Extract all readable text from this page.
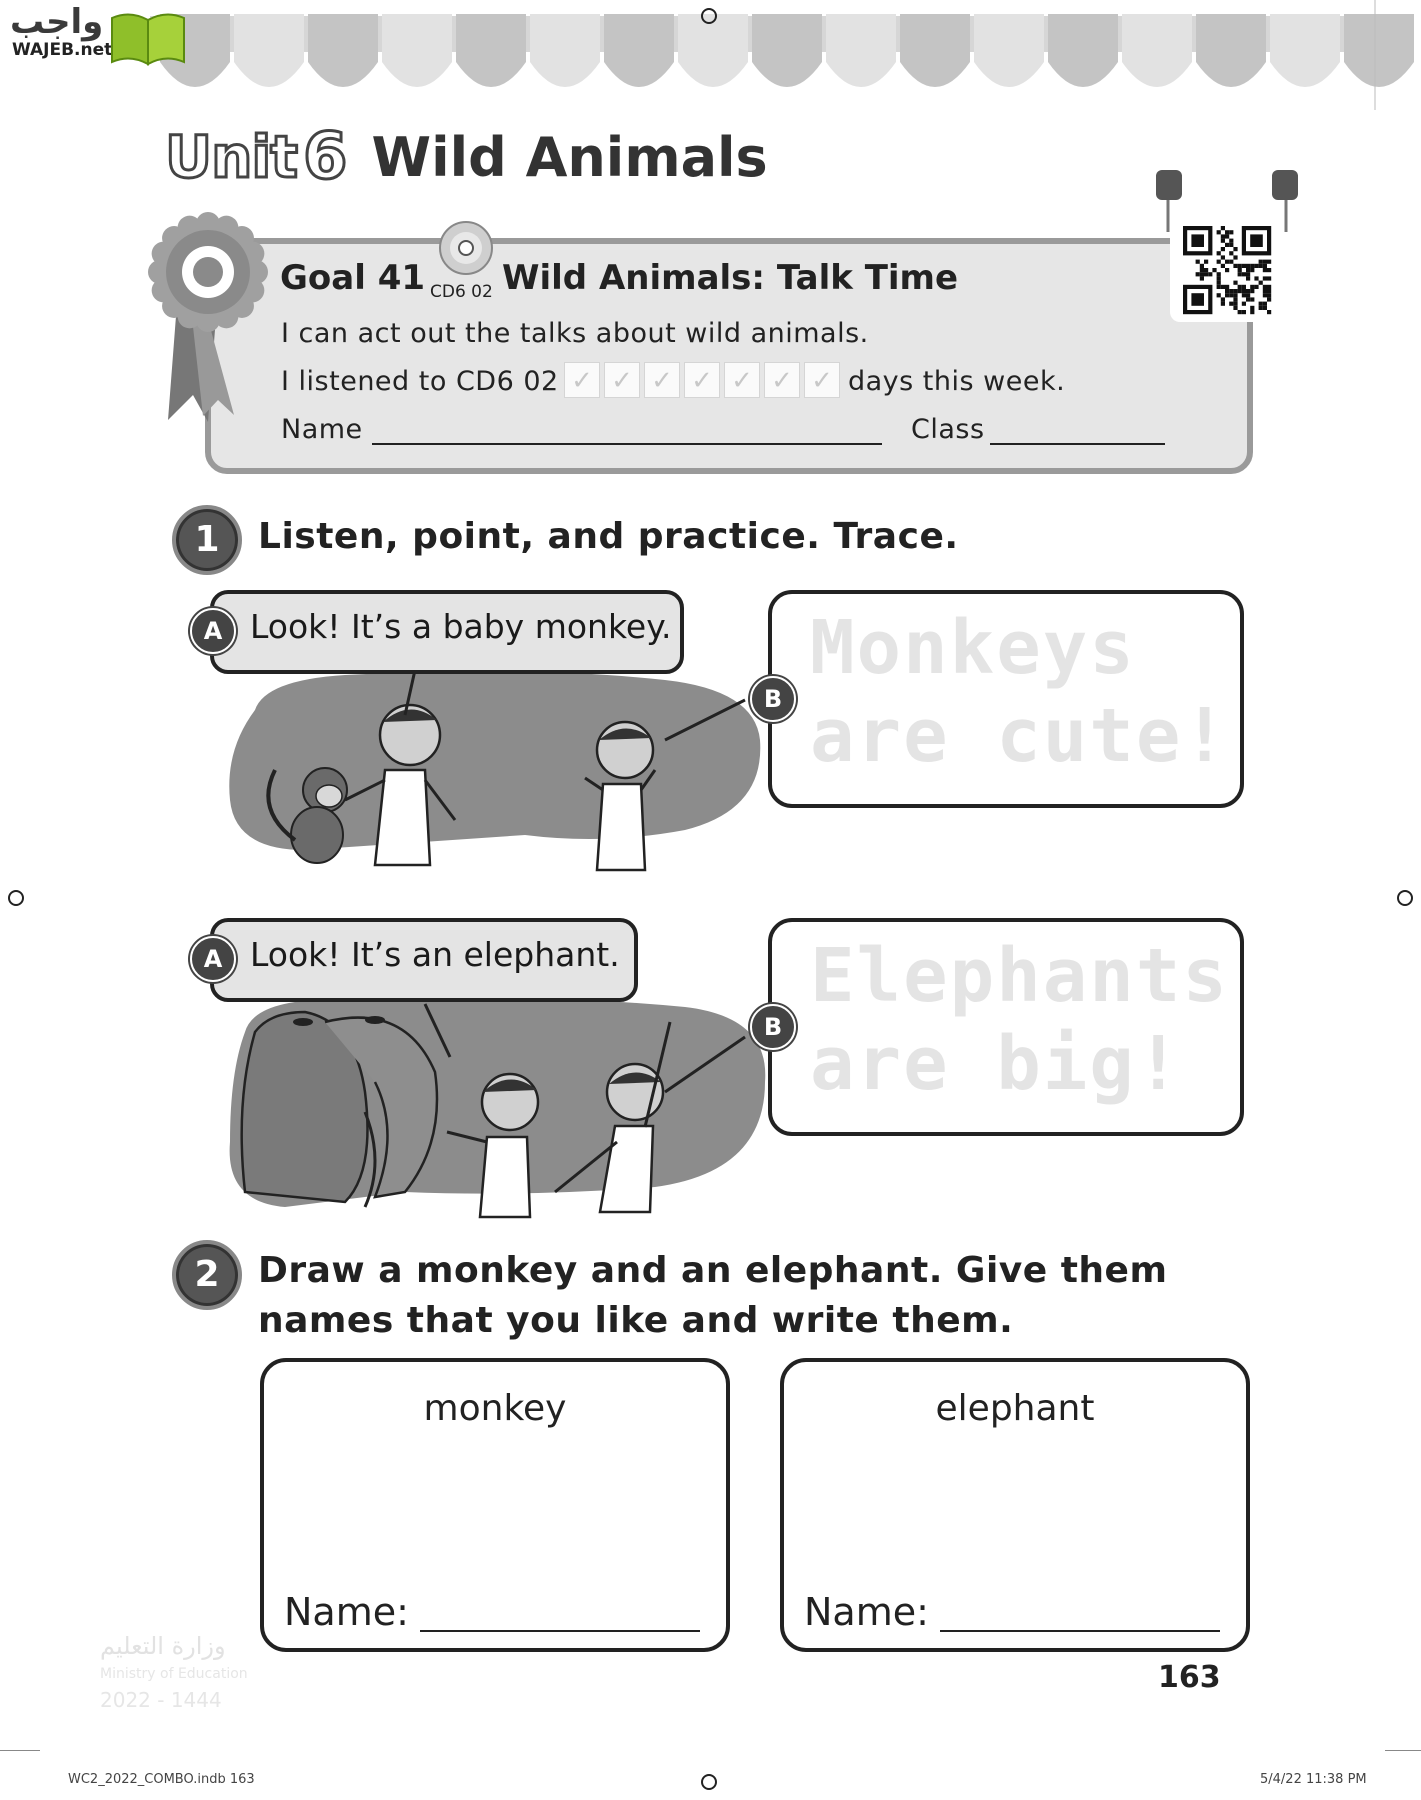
واجب
WAJEB.net
Unit 6 Wild Animals
Goal 41 CD6 02 Wild Animals: Talk Time
I can act out the talks about wild animals.
I listened to CD6 02 ✓ ✓ ✓ ✓ ✓ ✓ ✓ days this week.
Name	Class
1	Listen, point, and practice. Trace.
Look! It’s a baby monkey.
A
B
Monkeys
are cute!
Look! It’s an elephant.
A
B
Elephants
are big!
2	Draw a monkey and an elephant. Give them names that you like and write them.
monkey
Name:
elephant
Name:
وزارة التعليم
Ministry of Education
2022 - 1444
163
WC2_2022_COMBO.indb 163	5/4/22 11:38 PM
